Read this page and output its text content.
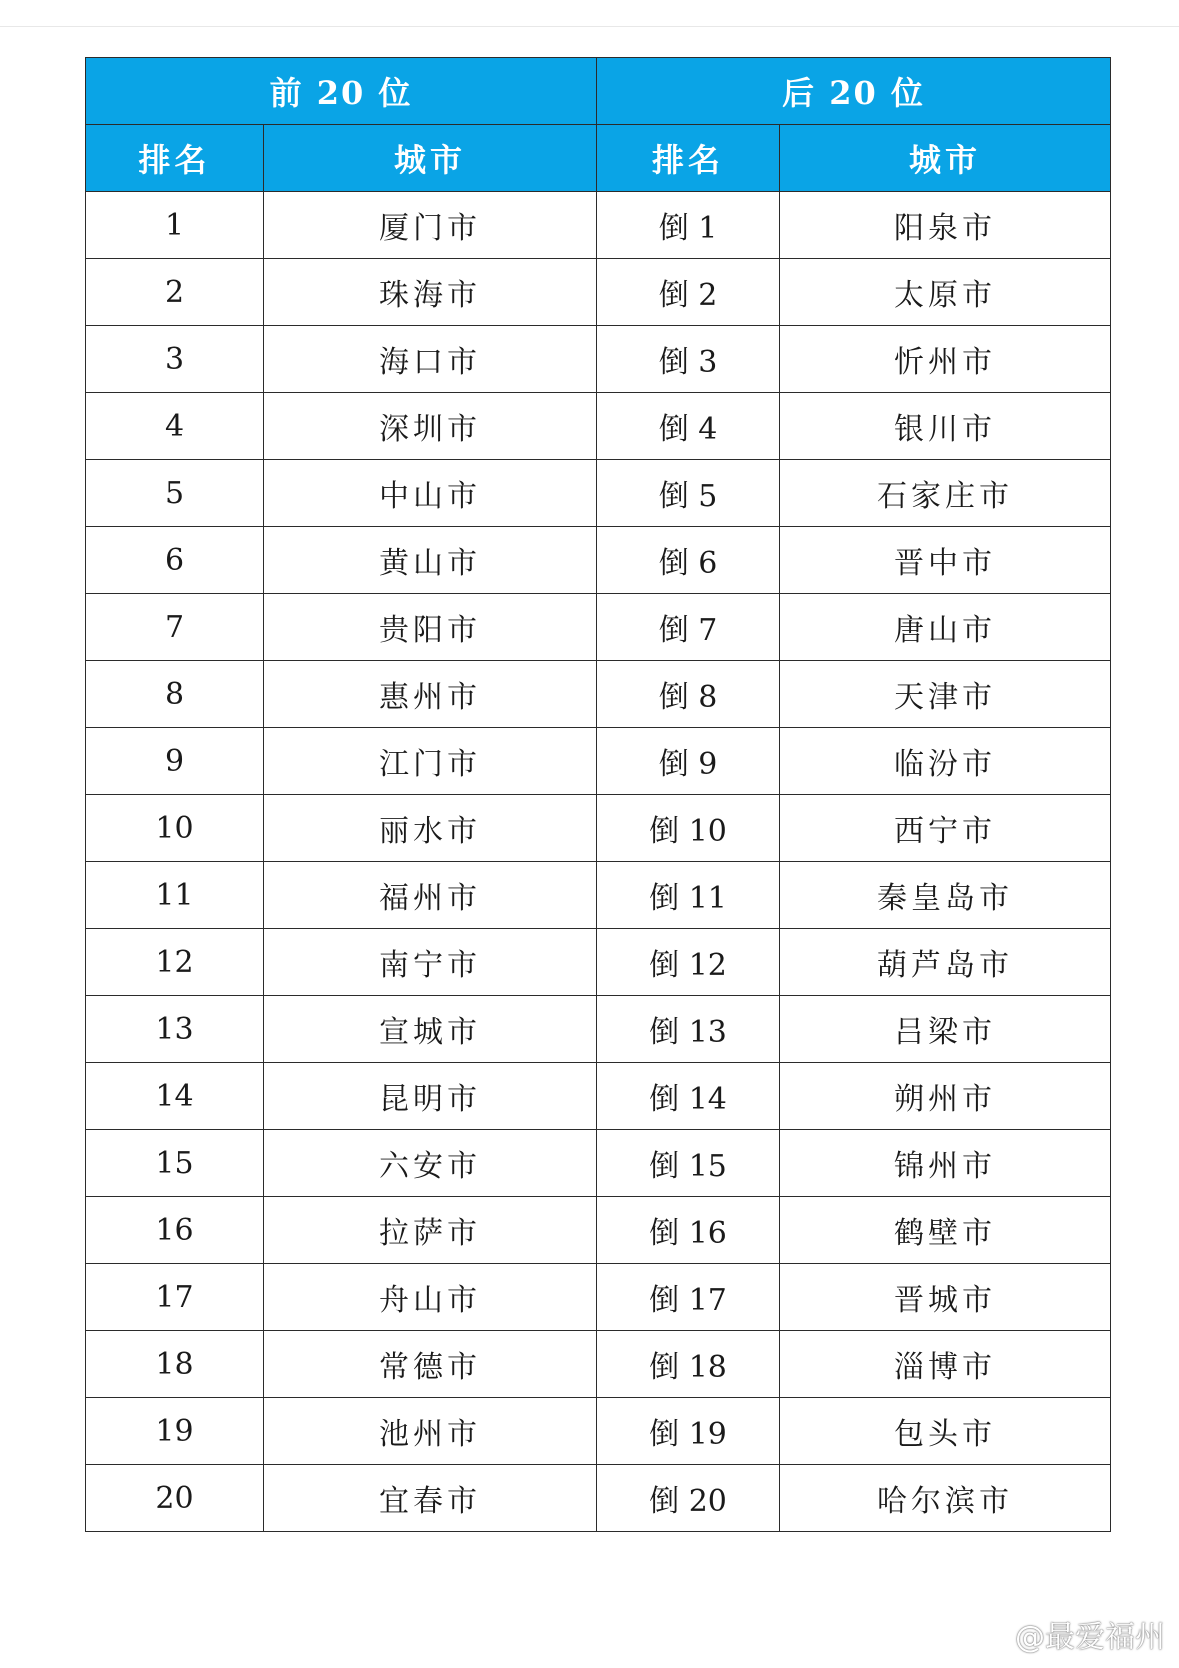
前 20 位		后 20 位	
排名	城市	排名	城市
1	厦门市	倒 1	阳泉市
2	珠海市	倒 2	太原市
3	海口市	倒 3	忻州市
4	深圳市	倒 4	银川市
5	中山市	倒 5	石家庄市
6	黄山市	倒 6	晋中市
7	贵阳市	倒 7	唐山市
8	惠州市	倒 8	天津市
9	江门市	倒 9	临汾市
10	丽水市	倒 10	西宁市
11	福州市	倒 11	秦皇岛市
12	南宁市	倒 12	葫芦岛市
13	宣城市	倒 13	吕梁市
14	昆明市	倒 14	朔州市
15	六安市	倒 15	锦州市
16	拉萨市	倒 16	鹤壁市
17	舟山市	倒 17	晋城市
18	常德市	倒 18	淄博市
19	池州市	倒 19	包头市
20	宜春市	倒 20	哈尔滨市
@最爱福州
